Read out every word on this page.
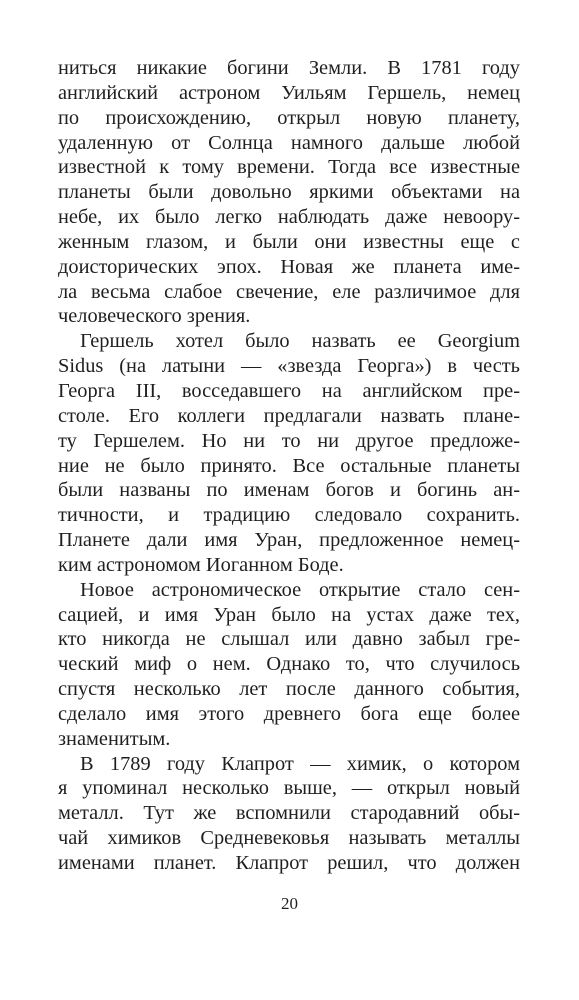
ниться никакие богини Земли. В 1781 году
английский астроном Уильям Гершель, немец
по происхождению, открыл новую планету,
удаленную от Солнца намного дальше любой
известной к тому времени. Тогда все известные
планеты были довольно яркими объектами на
небе, их было легко наблюдать даже невоору-
женным глазом, и были они известны еще с
доисторических эпох. Новая же планета име-
ла весьма слабое свечение, еле различимое для
человеческого зрения.
Гершель хотел было назвать ее Georgium
Sidus (на латыни — «звезда Георга») в честь
Георга III, восседавшего на английском пре-
столе. Его коллеги предлагали назвать плане-
ту Гершелем. Но ни то ни другое предложе-
ние не было принято. Все остальные планеты
были названы по именам богов и богинь ан-
тичности, и традицию следовало сохранить.
Планете дали имя Уран, предложенное немец-
ким астрономом Иоганном Боде.
Новое астрономическое открытие стало сен-
сацией, и имя Уран было на устах даже тех,
кто никогда не слышал или давно забыл гре-
ческий миф о нем. Однако то, что случилось
спустя несколько лет после данного события,
сделало имя этого древнего бога еще более
знаменитым.
В 1789 году Клапрот — химик, о котором
я упоминал несколько выше, — открыл новый
металл. Тут же вспомнили стародавний обы-
чай химиков Средневековья называть металлы
именами планет. Клапрот решил, что должен
20
